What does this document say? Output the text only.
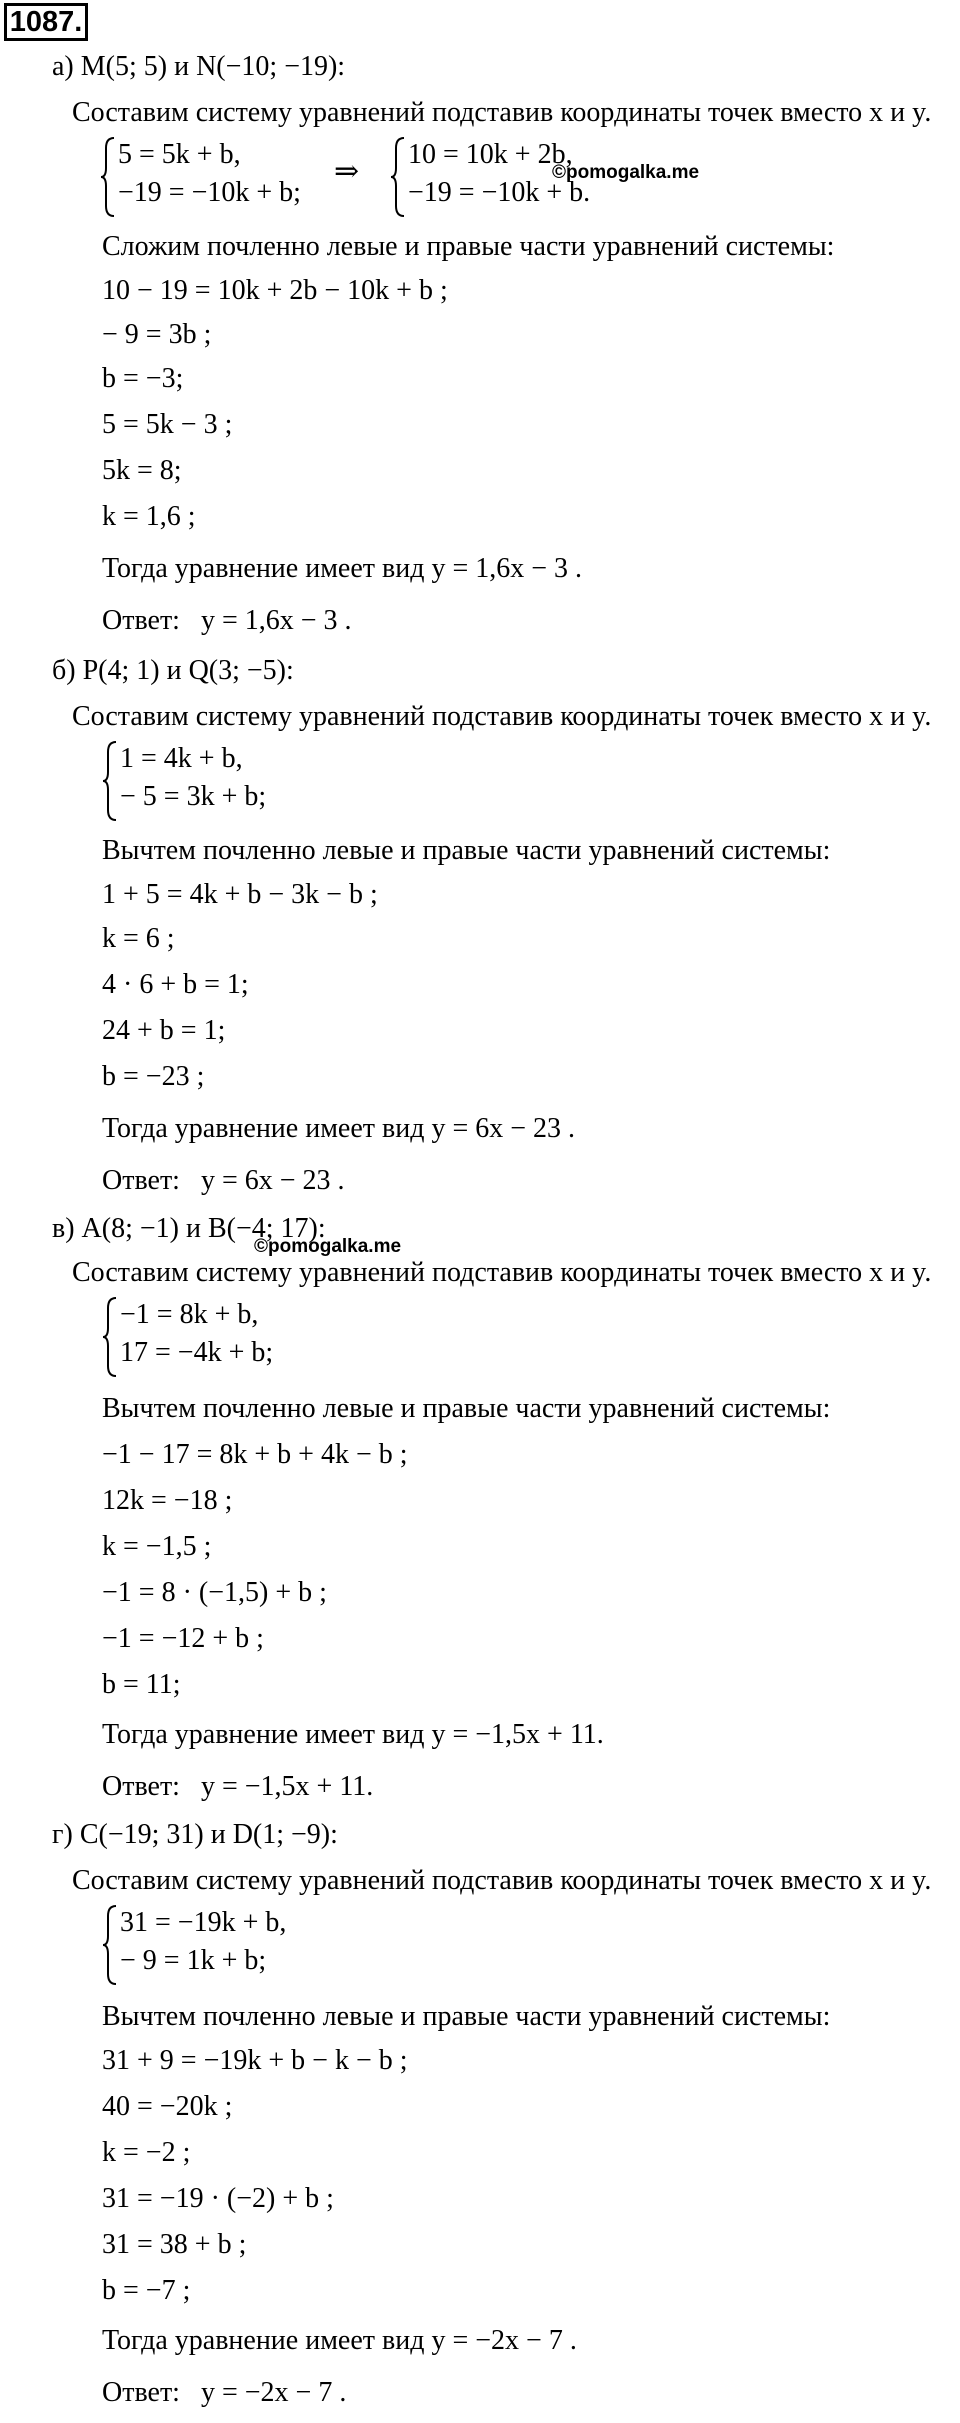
1087.
а) M(5; 5) и N(−10; −19):
Составим систему уравнений подставив координаты точек вместо x и y.
5 = 5k + b,
−19 = −10k + b;
⇒
10 = 10k + 2b,
−19 = −10k + b.
©pomogalka.me
Сложим почленно левые и правые части уравнений системы:
10 − 19 = 10k + 2b − 10k + b ;
− 9 = 3b ;
b = −3;
5 = 5k − 3 ;
5k = 8;
k = 1,6 ;
Тогда уравнение имеет вид y = 1,6x − 3 .
Ответ: y = 1,6x − 3 .
б) P(4; 1) и Q(3; −5):
Составим систему уравнений подставив координаты точек вместо x и y.
1 = 4k + b,
− 5 = 3k + b;
Вычтем почленно левые и правые части уравнений системы:
1 + 5 = 4k + b − 3k − b ;
k = 6 ;
4 · 6 + b = 1;
24 + b = 1;
b = −23 ;
Тогда уравнение имеет вид y = 6x − 23 .
Ответ: y = 6x − 23 .
в) A(8; −1) и B(−4; 17):
©pomogalka.me
Составим систему уравнений подставив координаты точек вместо x и y.
−1 = 8k + b,
17 = −4k + b;
Вычтем почленно левые и правые части уравнений системы:
−1 − 17 = 8k + b + 4k − b ;
12k = −18 ;
k = −1,5 ;
−1 = 8 · (−1,5) + b ;
−1 = −12 + b ;
b = 11;
Тогда уравнение имеет вид y = −1,5x + 11.
Ответ: y = −1,5x + 11.
г) C(−19; 31) и D(1; −9):
Составим систему уравнений подставив координаты точек вместо x и y.
31 = −19k + b,
− 9 = 1k + b;
Вычтем почленно левые и правые части уравнений системы:
31 + 9 = −19k + b − k − b ;
40 = −20k ;
k = −2 ;
31 = −19 · (−2) + b ;
31 = 38 + b ;
b = −7 ;
Тогда уравнение имеет вид y = −2x − 7 .
Ответ: y = −2x − 7 .
